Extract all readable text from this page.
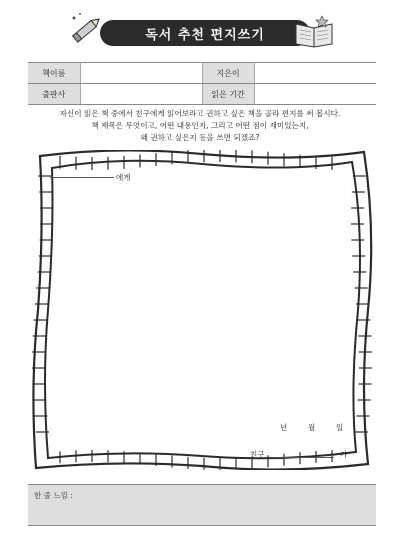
독서 추천 편지쓰기
책이름		지은이	
출판사		읽은 기간	
자신이 읽은 책 중에서 친구에게 읽어보라고 권하고 싶은 책을 골라 편지를 써 봅시다.
책 제목은 무엇이고, 어떤 내용인지, 그리고 어떤 점이 재미있는지,
왜 권하고 싶은지 등을 쓰면 되겠죠?
에게
년	월	일
친구	가
한 줄 느낌 :
